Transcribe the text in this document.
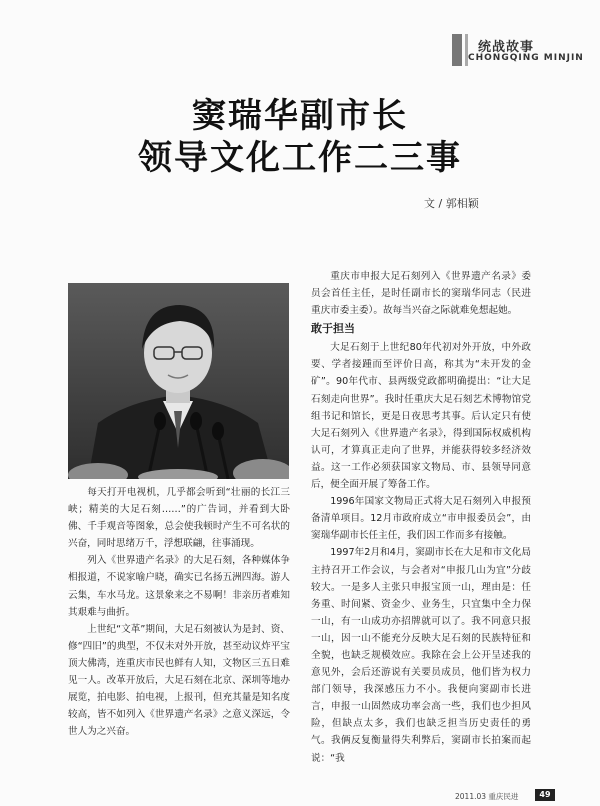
统战故事
CHONGQING MINJIN
窦瑞华副市长
领导文化工作二三事
文 / 郭相颖

每天打开电视机，几乎都会听到“壮丽的长江三峡；精美的大足石刻……”的广告词，并看到大卧佛、千手观音等图象，总会使我顿时产生不可名状的兴奋，同时思绪万千，浮想联翩，往事涌现。

列入《世界遗产名录》的大足石刻，各种媒体争相报道，不说家喻户晓，确实已名扬五洲四海。游人云集，车水马龙。这景象来之不易啊！非亲历者难知其艰难与曲折。

上世纪“文革”期间，大足石刻被认为是封、资、修“四旧”的典型，不仅未对外开放，甚至动议炸平宝顶大佛湾，连重庆市民也鲜有人知，文物区三五日难见一人。改革开放后，大足石刻在北京、深圳等地办展览，拍电影、拍电视，上报刊，但充其量是知名度较高，皆不如列入《世界遗产名录》之意义深远，令世人为之兴奋。

重庆市申报大足石刻列入《世界遗产名录》委员会首任主任，是时任副市长的窦瑞华同志（民进重庆市委主委）。故每当兴奋之际就难免想起她。

敢于担当

大足石刻于上世纪80年代初对外开放，中外政要、学者接踵而至评价日高，称其为“未开发的金矿”。90年代市、县两级党政都明确提出：“让大足石刻走向世界”。我时任重庆大足石刻艺术博物馆党组书记和馆长，更是日夜思考其事。后认定只有使大足石刻列入《世界遗产名录》，得到国际权威机构认可，才算真正走向了世界，并能获得较多经济效益。这一工作必须获国家文物局、市、县领导同意后，便全面开展了筹备工作。

1996年国家文物局正式将大足石刻列入申报预备清单项目。12月市政府成立“市申报委员会”，由窦瑞华副市长任主任，我们因工作而多有接触。

1997年2月和4月，窦副市长在大足和市文化局主持召开工作会议，与会者对“申报几山为宜”分歧较大。一是多人主张只申报宝顶一山，理由是：任务重、时间紧、资金少、业务生，只宜集中全力保一山，有一山成功亦招牌就可以了。我不同意只报一山，因一山不能充分反映大足石刻的民族特征和全貌，也缺乏规模效应。我除在会上公开呈述我的意见外，会后还游说有关要员成员，他们皆为权力部门领导，我深感压力不小。我便向窦副市长进言，申报一山固然成功率会高一些，我们也少担风险，但缺点太多，我们也缺乏担当历史责任的勇气。我俩反复衡量得失利弊后，窦副市长拍案而起说：“我

2011.03 重庆民进	49
